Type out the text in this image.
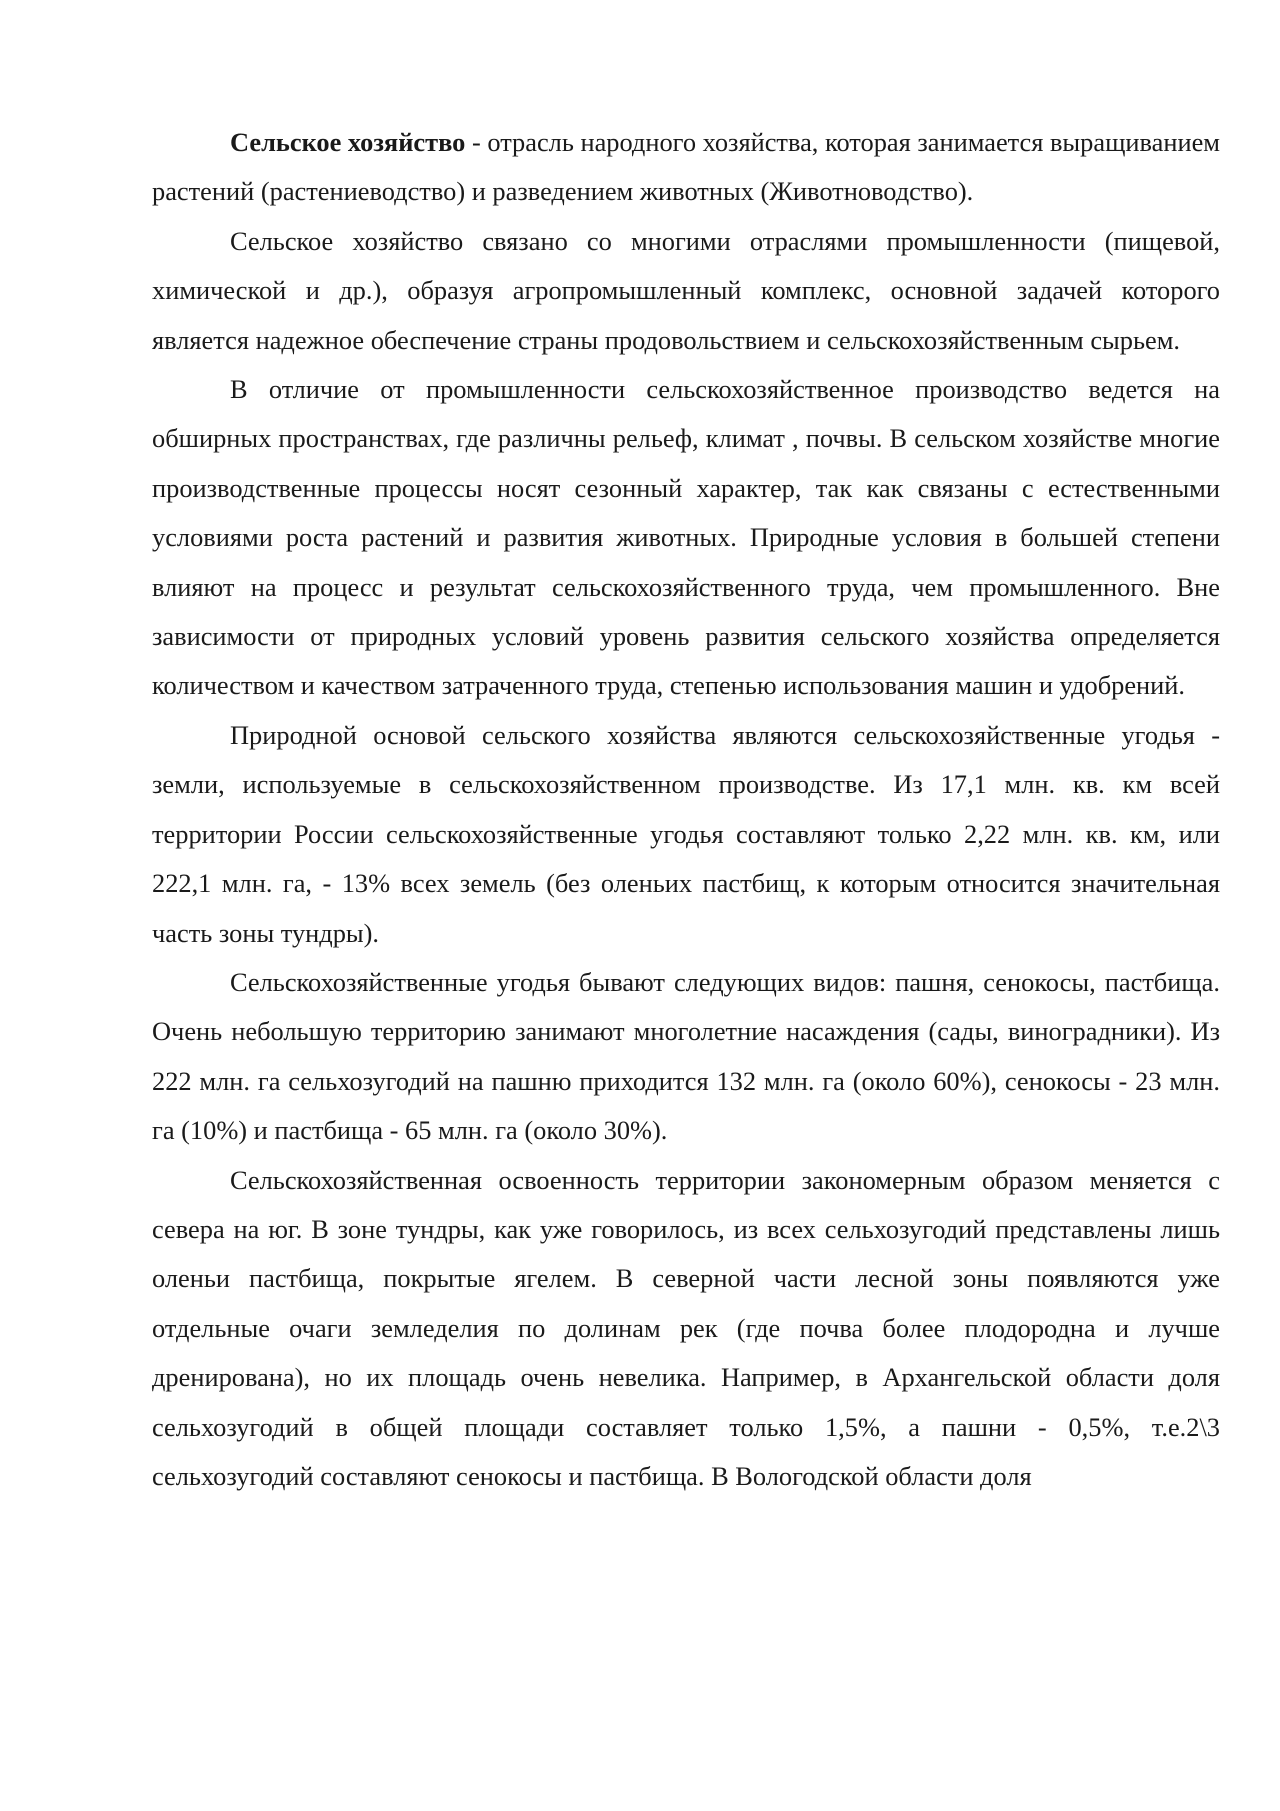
Сельское хозяйство - отрасль народного хозяйства, которая занимается выращиванием растений (растениеводство) и разведением животных (Животноводство).

Сельское хозяйство связано со многими отраслями промышленности (пищевой, химической и др.), образуя агропромышленный комплекс, основной задачей которого является надежное обеспечение страны продовольствием и сельскохозяйственным сырьем.

В отличие от промышленности сельскохозяйственное производство ведется на обширных пространствах, где различны рельеф, климат , почвы. В сельском хозяйстве многие производственные процессы носят сезонный характер, так как связаны с естественными условиями роста растений и развития животных. Природные условия в большей степени влияют на процесс и результат сельскохозяйственного труда, чем промышленного. Вне зависимости от природных условий уровень развития сельского хозяйства определяется количеством и качеством затраченного труда, степенью использования машин и удобрений.

Природной основой сельского хозяйства являются сельскохозяйственные угодья - земли, используемые в сельскохозяйственном производстве. Из 17,1 млн. кв. км всей территории России сельскохозяйственные угодья составляют только 2,22 млн. кв. км, или 222,1 млн. га, - 13% всех земель (без оленьих пастбищ, к которым относится значительная часть зоны тундры).

Сельскохозяйственные угодья бывают следующих видов: пашня, сенокосы, пастбища. Очень небольшую территорию занимают многолетние насаждения (сады, виноградники). Из 222 млн. га сельхозугодий на пашню приходится 132 млн. га (около 60%), сенокосы - 23 млн. га (10%) и пастбища - 65 млн. га (около 30%).

Сельскохозяйственная освоенность территории закономерным образом меняется с севера на юг. В зоне тундры, как уже говорилось, из всех сельхозугодий представлены лишь оленьи пастбища, покрытые ягелем. В северной части лесной зоны появляются уже отдельные очаги земледелия по долинам рек (где почва более плодородна и лучше дренирована), но их площадь очень невелика. Например, в Архангельской области доля сельхозугодий в общей площади составляет только 1,5%, а пашни - 0,5%, т.е.2\3 сельхозугодий составляют сенокосы и пастбища. В Вологодской области доля
